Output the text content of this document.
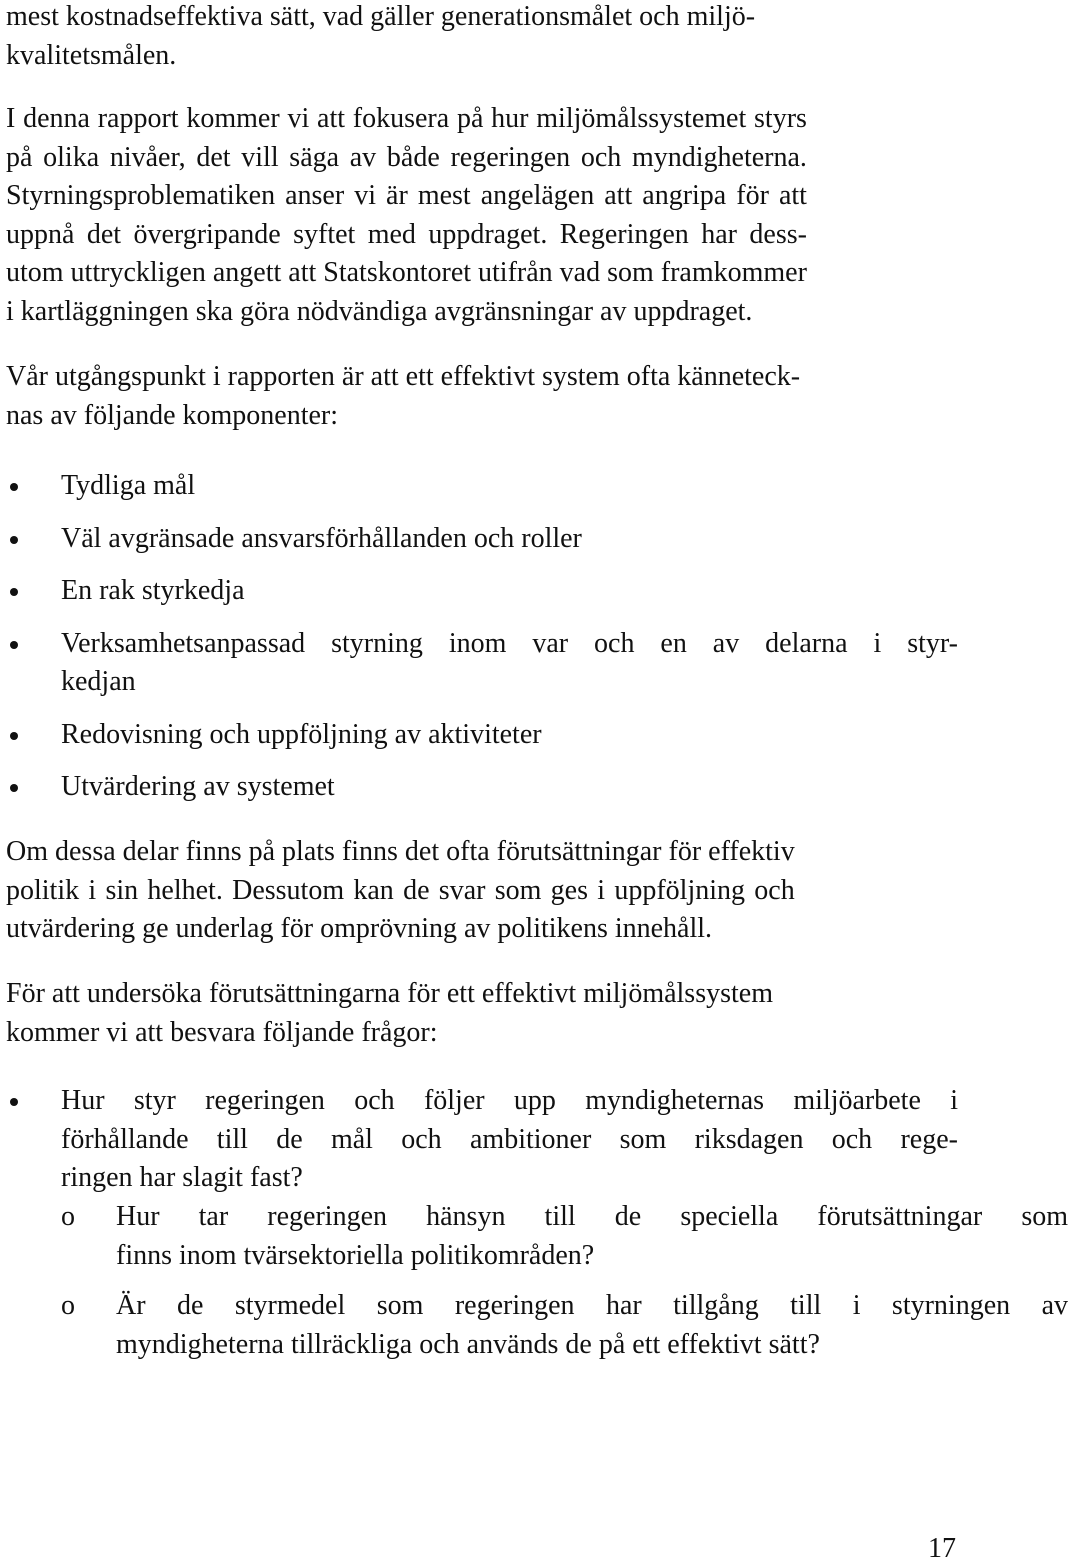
mest kostnadseffektiva sätt, vad gäller generationsmålet och miljö-
kvalitetsmålen.

I denna rapport kommer vi att fokusera på hur miljömålssystemet styrs
på olika nivåer, det vill säga av både regeringen och myndigheterna.
Styrningsproblematiken anser vi är mest angelägen att angripa för att
uppnå det övergripande syftet med uppdraget. Regeringen har dess-
utom uttryckligen angett att Statskontoret utifrån vad som framkommer
i kartläggningen ska göra nödvändiga avgränsningar av uppdraget.

Vår utgångspunkt i rapporten är att ett effektivt system ofta känneteck-
nas av följande komponenter:

Tydliga mål
Väl avgränsade ansvarsförhållanden och roller
En rak styrkedja
Verksamhetsanpassad styrning inom var och en av delarna i styr-
kedjan
Redovisning och uppföljning av aktiviteter
Utvärdering av systemet

Om dessa delar finns på plats finns det ofta förutsättningar för effektiv
politik i sin helhet. Dessutom kan de svar som ges i uppföljning och
utvärdering ge underlag för omprövning av politikens innehåll.

För att undersöka förutsättningarna för ett effektivt miljömålssystem
kommer vi att besvara följande frågor:

Hur styr regeringen och följer upp myndigheternas miljöarbete i
förhållande till de mål och ambitioner som riksdagen och rege-
ringen har slagit fast?
o Hur tar regeringen hänsyn till de speciella förutsättningar som
finns inom tvärsektoriella politikområden?
o Är de styrmedel som regeringen har tillgång till i styrningen av
myndigheterna tillräckliga och används de på ett effektivt sätt?
17
